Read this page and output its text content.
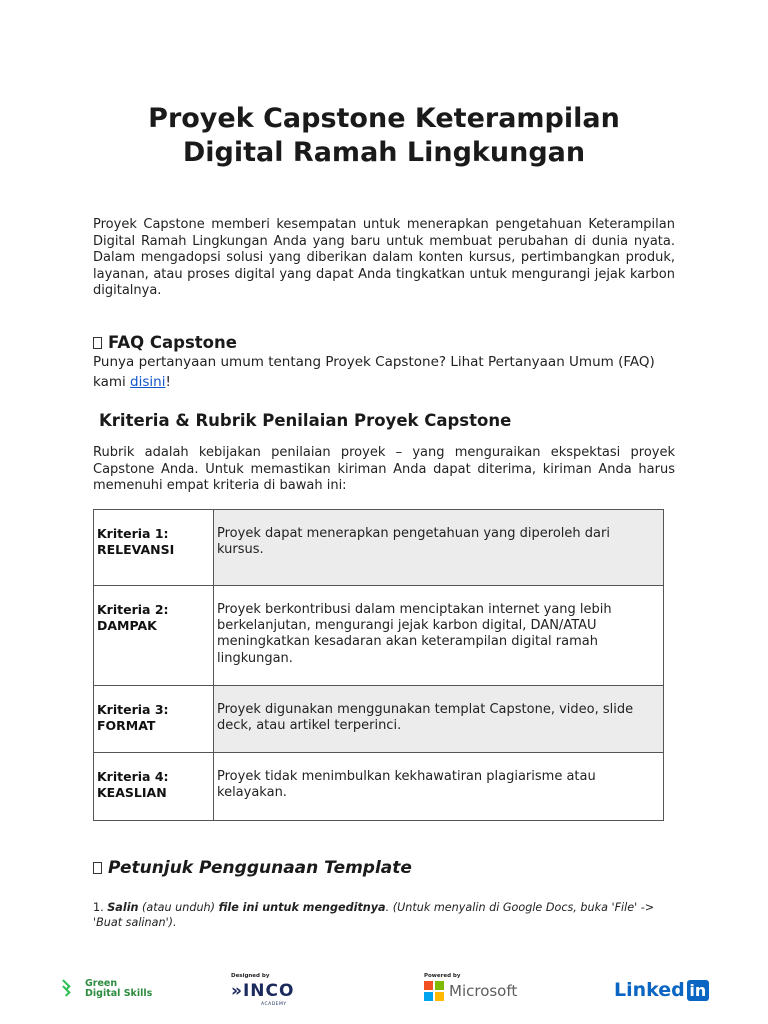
Proyek Capstone Keterampilan
Digital Ramah Lingkungan
Proyek Capstone memberi kesempatan untuk menerapkan pengetahuan Keterampilan Digital Ramah Lingkungan Anda yang baru untuk membuat perubahan di dunia nyata. Dalam mengadopsi solusi yang diberikan dalam konten kursus, pertimbangkan produk, layanan, atau proses digital yang dapat Anda tingkatkan untuk mengurangi jejak karbon digitalnya.
FAQ Capstone
Punya pertanyaan umum tentang Proyek Capstone? Lihat Pertanyaan Umum (FAQ) kami disini!
Kriteria & Rubrik Penilaian Proyek Capstone
Rubrik adalah kebijakan penilaian proyek – yang menguraikan ekspektasi proyek Capstone Anda. Untuk memastikan kiriman Anda dapat diterima, kiriman Anda harus memenuhi empat kriteria di bawah ini:
Kriteria 1:
RELEVANSI	Proyek dapat menerapkan pengetahuan yang diperoleh dari kursus.

Kriteria 2:
DAMPAK	Proyek berkontribusi dalam menciptakan internet yang lebih berkelanjutan, mengurangi jejak karbon digital, DAN/ATAU meningkatkan kesadaran akan keterampilan digital ramah lingkungan.

Kriteria 3:
FORMAT	Proyek digunakan menggunakan templat Capstone, video, slide deck, atau artikel terperinci.

Kriteria 4:
KEASLIAN	Proyek tidak menimbulkan kekhawatiran plagiarisme atau kelayakan.
Petunjuk Penggunaan Template
1. Salin (atau unduh) file ini untuk mengeditnya. (Untuk menyalin di Google Docs, buka 'File' -> 'Buat salinan').
Green
Digital Skills
Designed by
»INCO
ACADEMY
Powered by
Microsoft	Linked in
